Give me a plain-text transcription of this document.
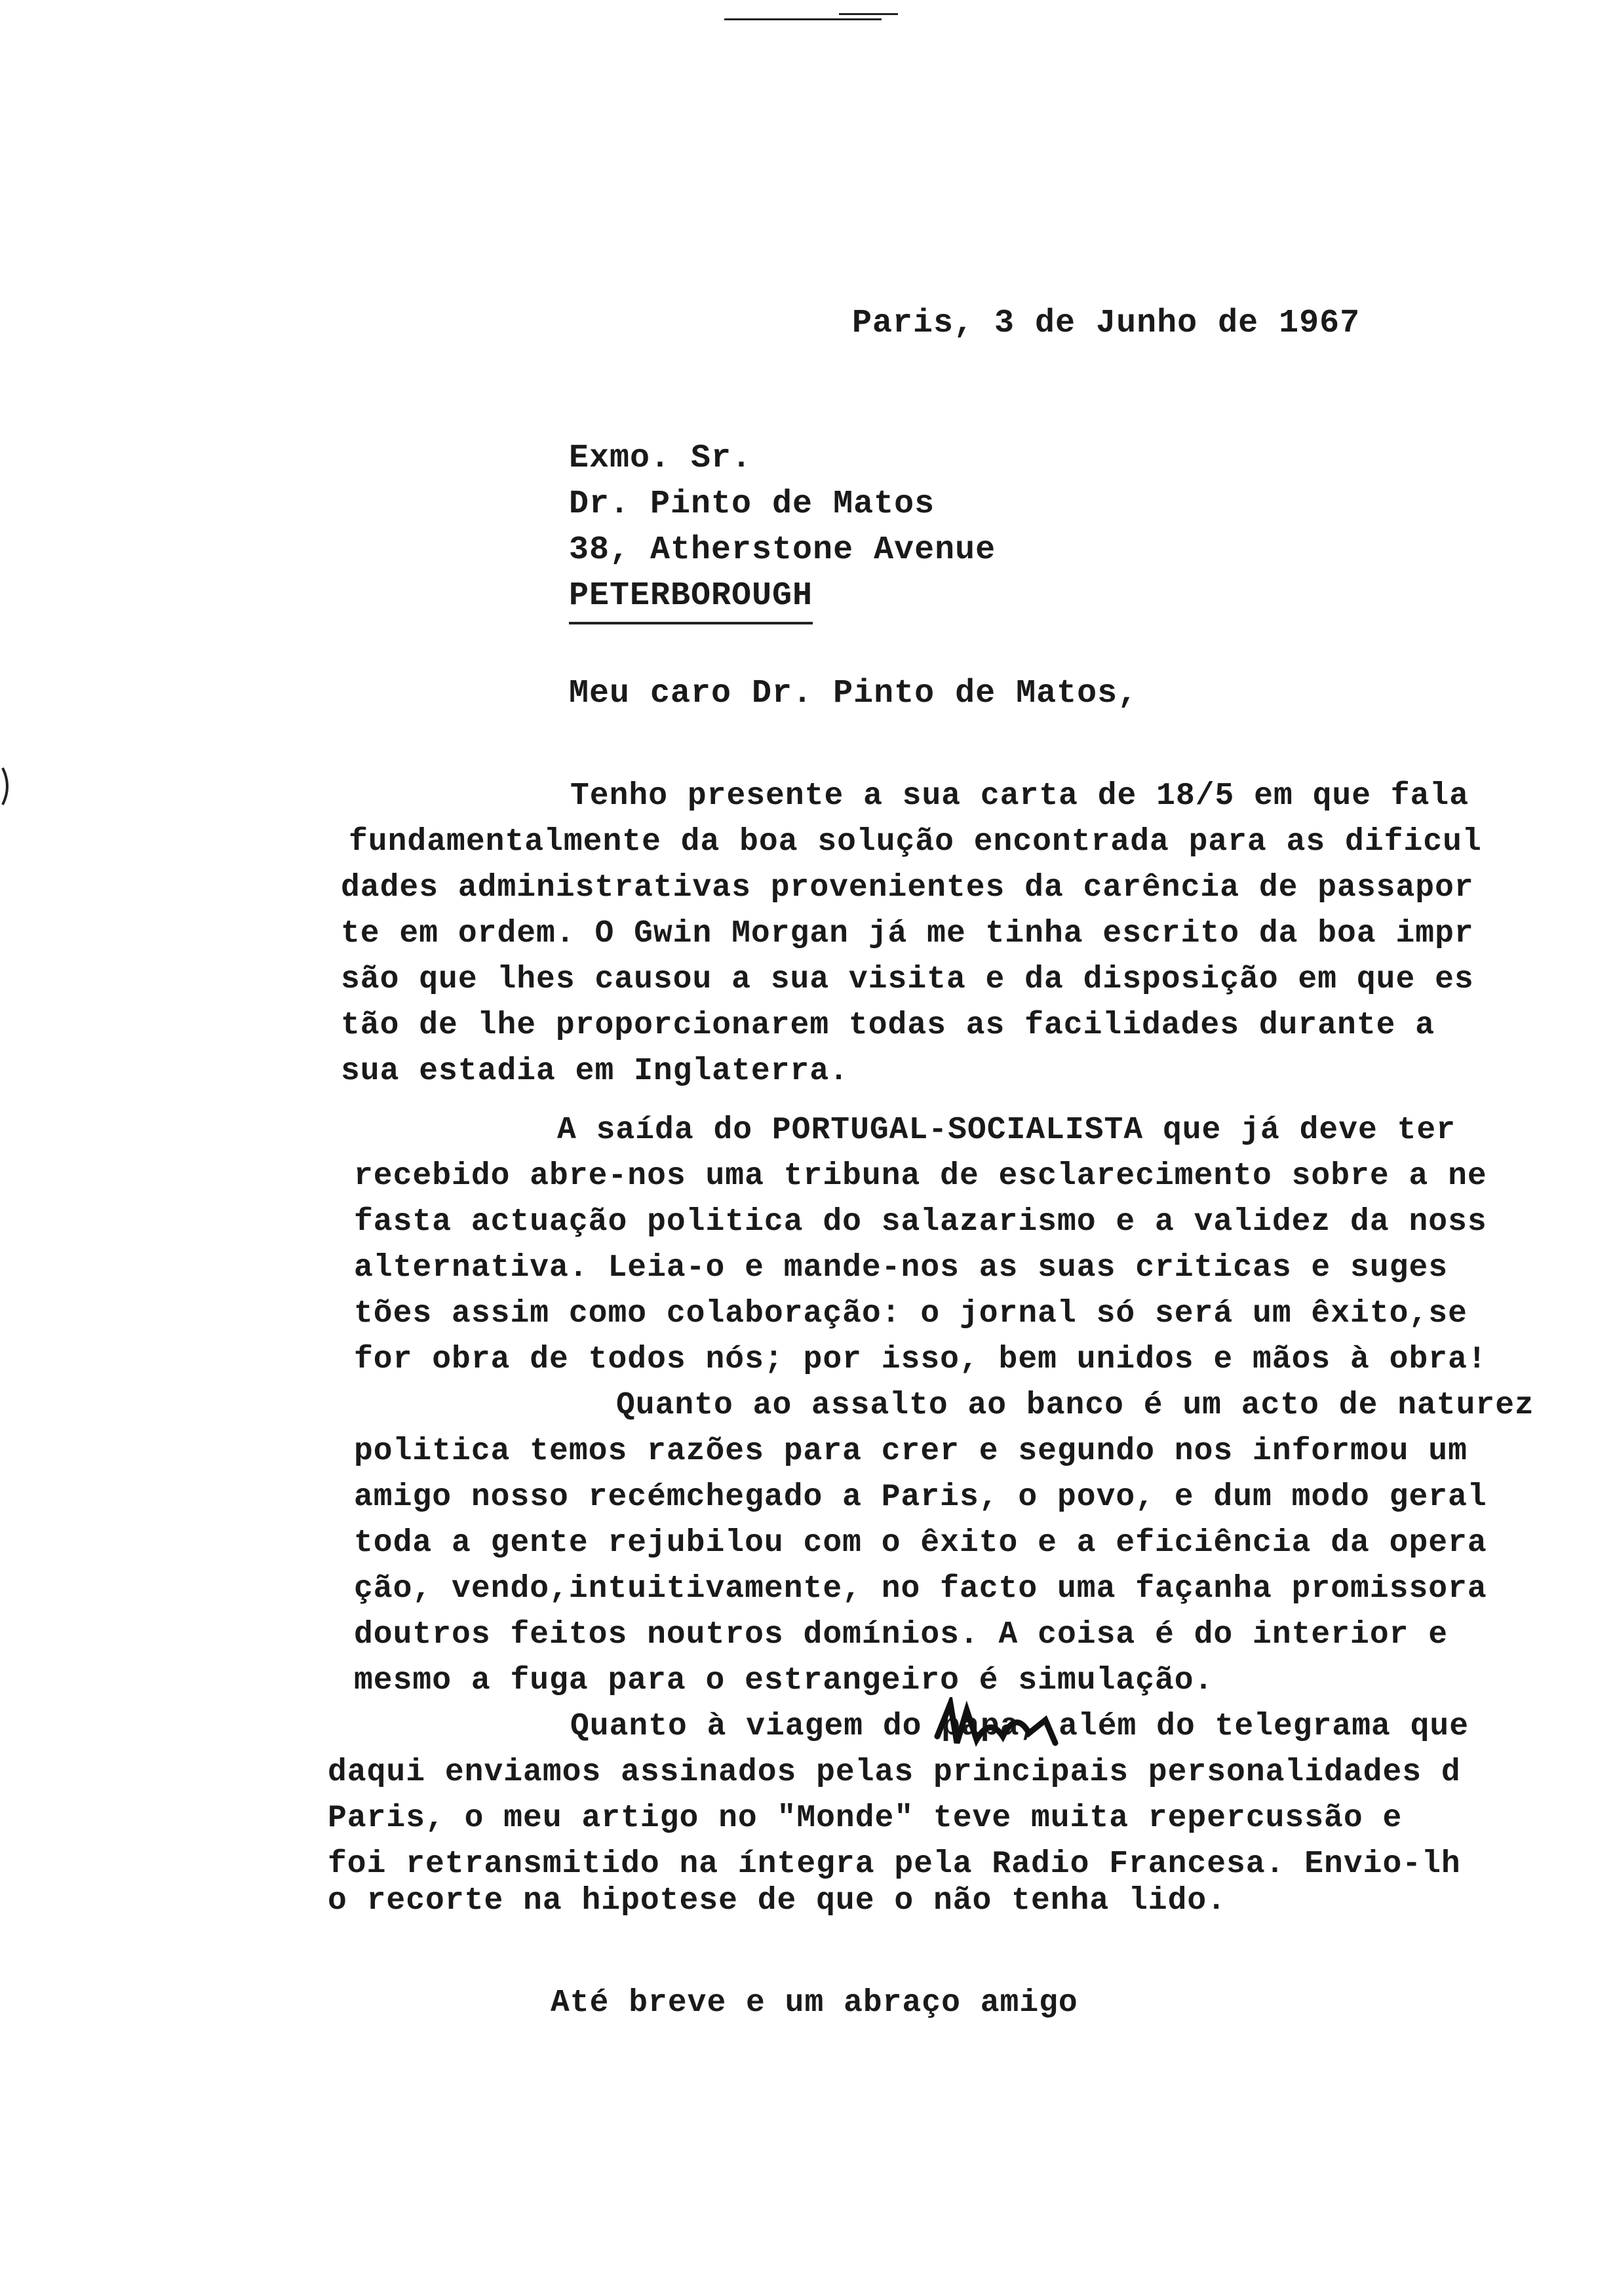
Paris, 3 de Junho de 1967
Exmo. Sr.
Dr. Pinto de Matos
38, Atherstone Avenue
PETERBOROUGH
Meu caro Dr. Pinto de Matos,
Tenho presente a sua carta de 18/5 em que fala
fundamentalmente da boa solução encontrada para as dificul
dades administrativas provenientes da carência de passapor
te em ordem. O Gwin Morgan já me tinha escrito da boa impr
são que lhes causou a sua visita e da disposição em que es
tão de lhe proporcionarem todas as facilidades durante a
sua estadia em Inglaterra.
A saída do PORTUGAL-SOCIALISTA que já deve ter
recebido abre-nos uma tribuna de esclarecimento sobre a ne
fasta actuação politica do salazarismo e a validez da noss
alternativa. Leia-o e mande-nos as suas criticas e suges
tões assim como colaboração: o jornal só será um êxito,se
for obra de todos nós; por isso, bem unidos e mãos à obra!
Quanto ao assalto ao banco é um acto de naturez
politica temos razões para crer e segundo nos informou um
amigo nosso recémchegado a Paris, o povo, e dum modo geral
toda a gente rejubilou com o êxito e a eficiência da opera
ção, vendo,intuitivamente, no facto uma façanha promissora
doutros feitos noutros domínios. A coisa é do interior e
mesmo a fuga para o estrangeiro é simulação.
Quanto à viagem do papa, além do telegrama que
daqui enviamos assinados pelas principais personalidades d
Paris, o meu artigo no "Monde" teve muita repercussão e
foi retransmitido na íntegra pela Radio Francesa. Envio-lh
o recorte na hipotese de que o não tenha lido.
Até breve e um abraço amigo
